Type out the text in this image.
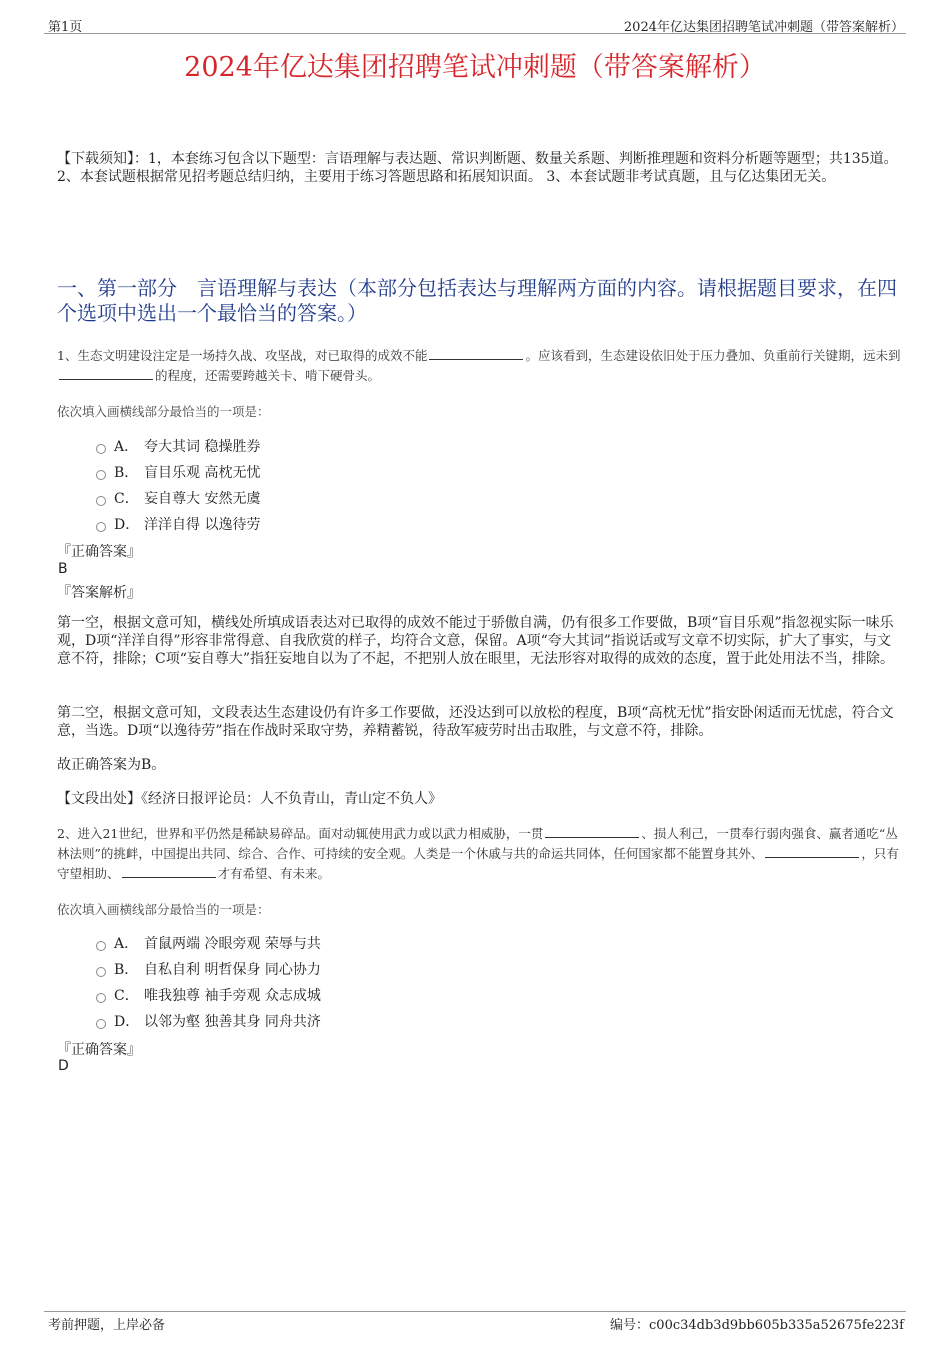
第1页	2024年亿达集团招聘笔试冲刺题（带答案解析）
2024年亿达集团招聘笔试冲刺题（带答案解析）
【下载须知】：1，本套练习包含以下题型：言语理解与表达题、常识判断题、数量关系题、判断推理题和资料分析题等题型；共135道。 2、本套试题根据常见招考题总结归纳，主要用于练习答题思路和拓展知识面。 3、本套试题非考试真题，且与亿达集团无关。
一、第一部分　言语理解与表达（本部分包括表达与理解两方面的内容。请根据题目要求，在四个选项中选出一个最恰当的答案。）
1、生态文明建设注定是一场持久战、攻坚战，对已取得的成效不能	。应该看到，生态建设依旧处于压力叠加、负重前行关键期，远未到的程度，还需要跨越关卡、啃下硬骨头。
依次填入画横线部分最恰当的一项是：
A． 夸大其词 稳操胜券
B． 盲目乐观 高枕无忧
C． 妄自尊大 安然无虞
D． 洋洋自得 以逸待劳
『正确答案』
B
『答案解析』
第一空，根据文意可知，横线处所填成语表达对已取得的成效不能过于骄傲自满，仍有很多工作要做，B项“盲目乐观”指忽视实际一味乐观，D项“洋洋自得”形容非常得意、自我欣赏的样子，均符合文意，保留。A项“夸大其词”指说话或写文章不切实际，扩大了事实，与文意不符，排除；C项“妄自尊大”指狂妄地自以为了不起，不把别人放在眼里，无法形容对取得的成效的态度，置于此处用法不当，排除。
第二空，根据文意可知，文段表达生态建设仍有许多工作要做，还没达到可以放松的程度，B项“高枕无忧”指安卧闲适而无忧虑，符合文意，当选。D项“以逸待劳”指在作战时采取守势，养精蓄锐，待敌军疲劳时出击取胜，与文意不符，排除。
故正确答案为B。
【文段出处】《经济日报评论员：人不负青山，青山定不负人》
2、进入21世纪，世界和平仍然是稀缺易碎品。面对动辄使用武力或以武力相威胁，一贯	、损人利己，一贯奉行弱肉强食、赢者通吃“丛林法则”的挑衅，中国提出共同、综合、合作、可持续的安全观。人类是一个休戚与共的命运共同体，任何国家都不能置身其外、	，只有守望相助、	才有希望、有未来。
依次填入画横线部分最恰当的一项是：
A． 首鼠两端 冷眼旁观 荣辱与共
B． 自私自利 明哲保身 同心协力
C． 唯我独尊 袖手旁观 众志成城
D． 以邻为壑 独善其身 同舟共济
『正确答案』
D
考前押题，上岸必备	编号：c00c34db3d9bb605b335a52675fe223f
